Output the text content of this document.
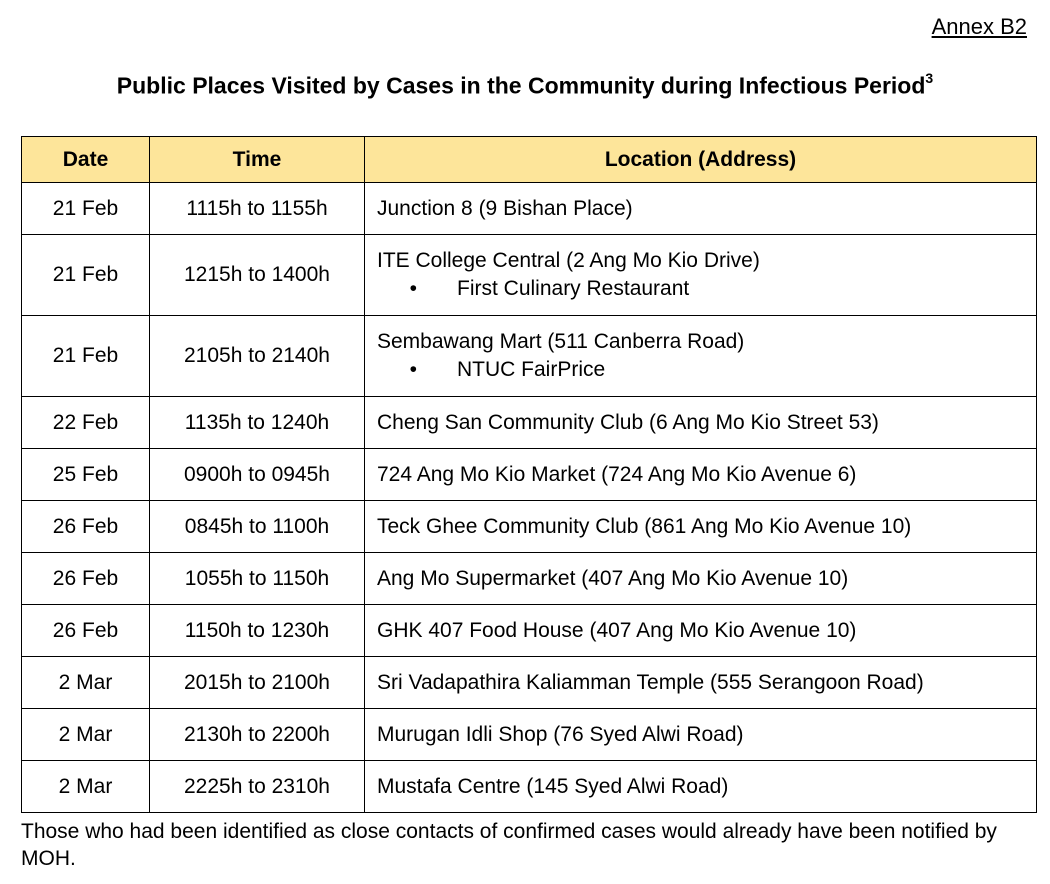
Annex B2
Public Places Visited by Cases in the Community during Infectious Period$^3$
Date	Time	Location (Address)
21 Feb	1115h to 1155h	Junction 8 (9 Bishan Place)

21 Feb	1215h to 1400h	ITE College Central (2 Ang Mo Kio Drive)
• First Culinary Restaurant

21 Feb	2105h to 2140h	Sembawang Mart (511 Canberra Road)
• NTUC FairPrice

22 Feb	1135h to 1240h	Cheng San Community Club (6 Ang Mo Kio Street 53)

25 Feb	0900h to 0945h	724 Ang Mo Kio Market (724 Ang Mo Kio Avenue 6)

26 Feb	0845h to 1100h	Teck Ghee Community Club (861 Ang Mo Kio Avenue 10)

26 Feb	1055h to 1150h	Ang Mo Supermarket (407 Ang Mo Kio Avenue 10)

26 Feb	1150h to 1230h	GHK 407 Food House (407 Ang Mo Kio Avenue 10)

2 Mar	2015h to 2100h	Sri Vadapathira Kaliamman Temple (555 Serangoon Road)

2 Mar	2130h to 2200h	Murugan Idli Shop (76 Syed Alwi Road)

2 Mar	2225h to 2310h	Mustafa Centre (145 Syed Alwi Road)
Those who had been identified as close contacts of confirmed cases would already have been notified by MOH.
